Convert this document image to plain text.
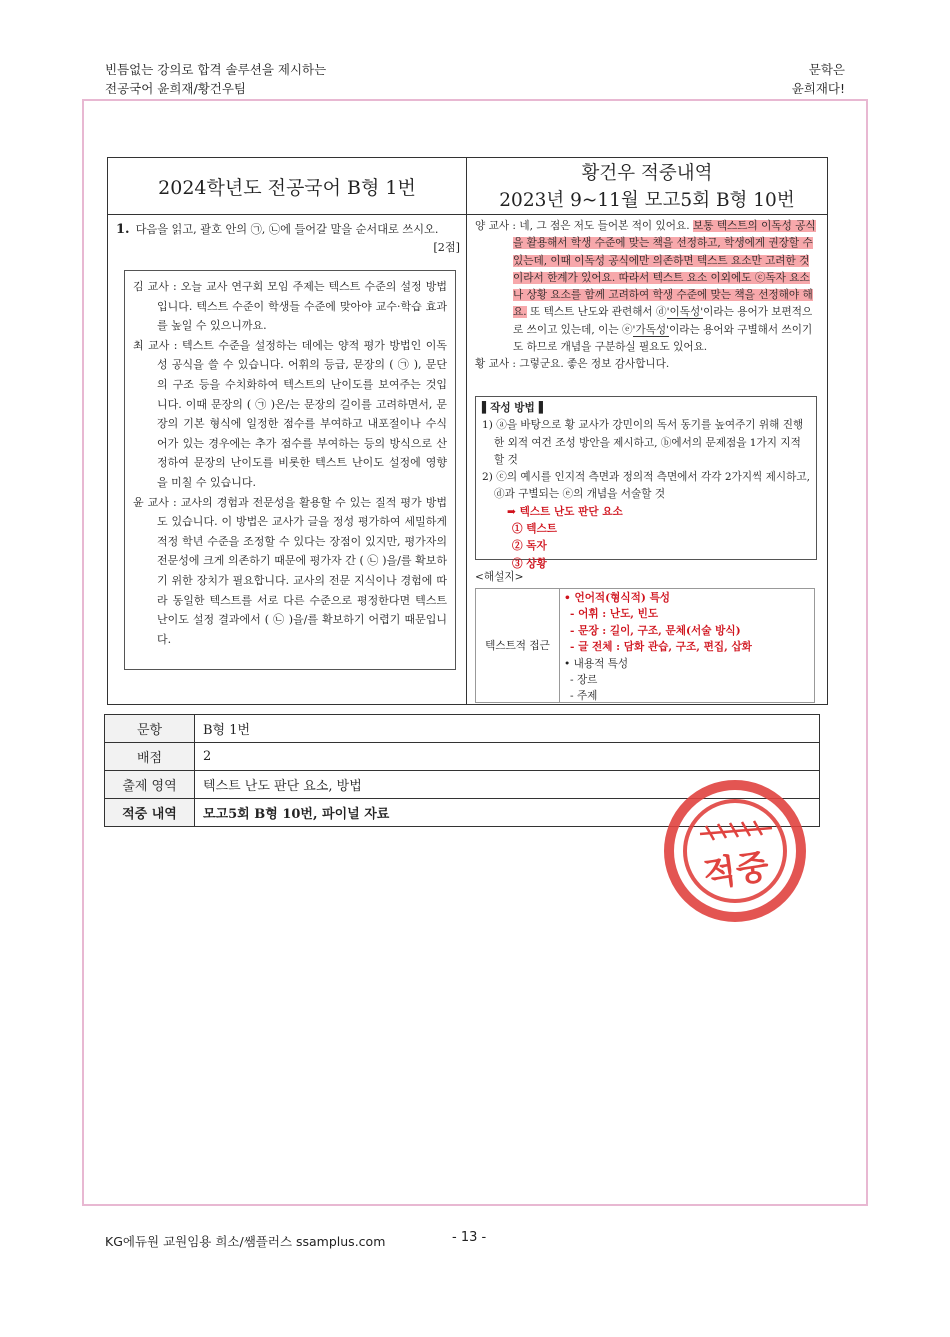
빈틈없는 강의로 합격 솔루션을 제시하는
전공국어 윤희재/황건우팀
문학은
윤희재다!
2024학년도 전공국어 B형 1번
1. 다음을 읽고, 괄호 안의 ㉠, ㉡에 들어갈 말을 순서대로 쓰시오.
[2점]

김 교사 : 오늘 교사 연구회 모임 주제는 텍스트 수준의 설정 방법입니다. 텍스트 수준이 학생들 수준에 맞아야 교수·학습 효과를 높일 수 있으니까요.

최 교사 : 텍스트 수준을 설정하는 데에는 양적 평가 방법인 이독성 공식을 쓸 수 있습니다. 어휘의 등급, 문장의 ( ㉠ ), 문단의 구조 등을 수치화하여 텍스트의 난이도를 보여주는 것입니다. 이때 문장의 ( ㉠ )은/는 문장의 길이를 고려하면서, 문장의 기본 형식에 일정한 점수를 부여하고 내포절이나 수식어가 있는 경우에는 추가 점수를 부여하는 등의 방식으로 산정하여 문장의 난이도를 비롯한 텍스트 난이도 설정에 영향을 미칠 수 있습니다.

윤 교사 : 교사의 경험과 전문성을 활용할 수 있는 질적 평가 방법도 있습니다. 이 방법은 교사가 글을 정성 평가하여 세밀하게 적정 학년 수준을 조정할 수 있다는 장점이 있지만, 평가자의 전문성에 크게 의존하기 때문에 평가자 간 ( ㉡ )을/를 확보하기 위한 장치가 필요합니다. 교사의 전문 지식이나 경험에 따라 동일한 텍스트를 서로 다른 수준으로 평정한다면 텍스트 난이도 설정 결과에서 ( ㉡ )을/를 확보하기 어렵기 때문입니다.

황건우 적중내역
2023년 9~11월 모고5회 B형 10번

양 교사 : 네, 그 점은 저도 들어본 적이 있어요. 보통 텍스트의 이독성 공식을 활용해서 학생 수준에 맞는 책을 선정하고, 학생에게 권장할 수 있는데, 이때 이독성 공식에만 의존하면 텍스트 요소만 고려한 것이라서 한계가 있어요. 따라서 텍스트 요소 이외에도 ⓒ독자 요소나 상황 요소를 함께 고려하여 학생 수준에 맞는 책을 선정해야 해요. 또 텍스트 난도와 관련해서 ⓓ'이독성'이라는 용어가 보편적으로 쓰이고 있는데, 이는 ⓔ'가독성'이라는 용어와 구별해서 쓰이기도 하므로 개념을 구분하실 필요도 있어요.

황 교사 : 그렇군요. 좋은 정보 감사합니다.

▌작성 방법▐

1) ⓐ을 바탕으로 황 교사가 강민이의 독서 동기를 높여주기 위해 진행한 외적 여건 조성 방안을 제시하고, ⓑ에서의 문제점을 1가지 지적할 것

2) ⓒ의 예시를 인지적 측면과 정의적 측면에서 각각 2가지씩 제시하고, ⓓ과 구별되는 ⓔ의 개념을 서술할 것

➡ 텍스트 난도 판단 요소
① 텍스트
② 독자
③ 상황
<해설지>
텍스트적 접근
• 언어적(형식적) 특성
- 어휘 : 난도, 빈도
- 문장 : 길이, 구조, 문체(서술 방식)
- 글 전체 : 담화 관습, 구조, 편집, 삽화
• 내용적 특성
- 장르
- 주제
문항	B형 1번
배점	2
출제 영역	텍스트 난도 판단 요소, 방법
적중 내역	모고5회 B형 10번, 파이널 자료
적중
KG에듀원 교원임용 희소/쌤플러스 ssamplus.com	- 13 -
